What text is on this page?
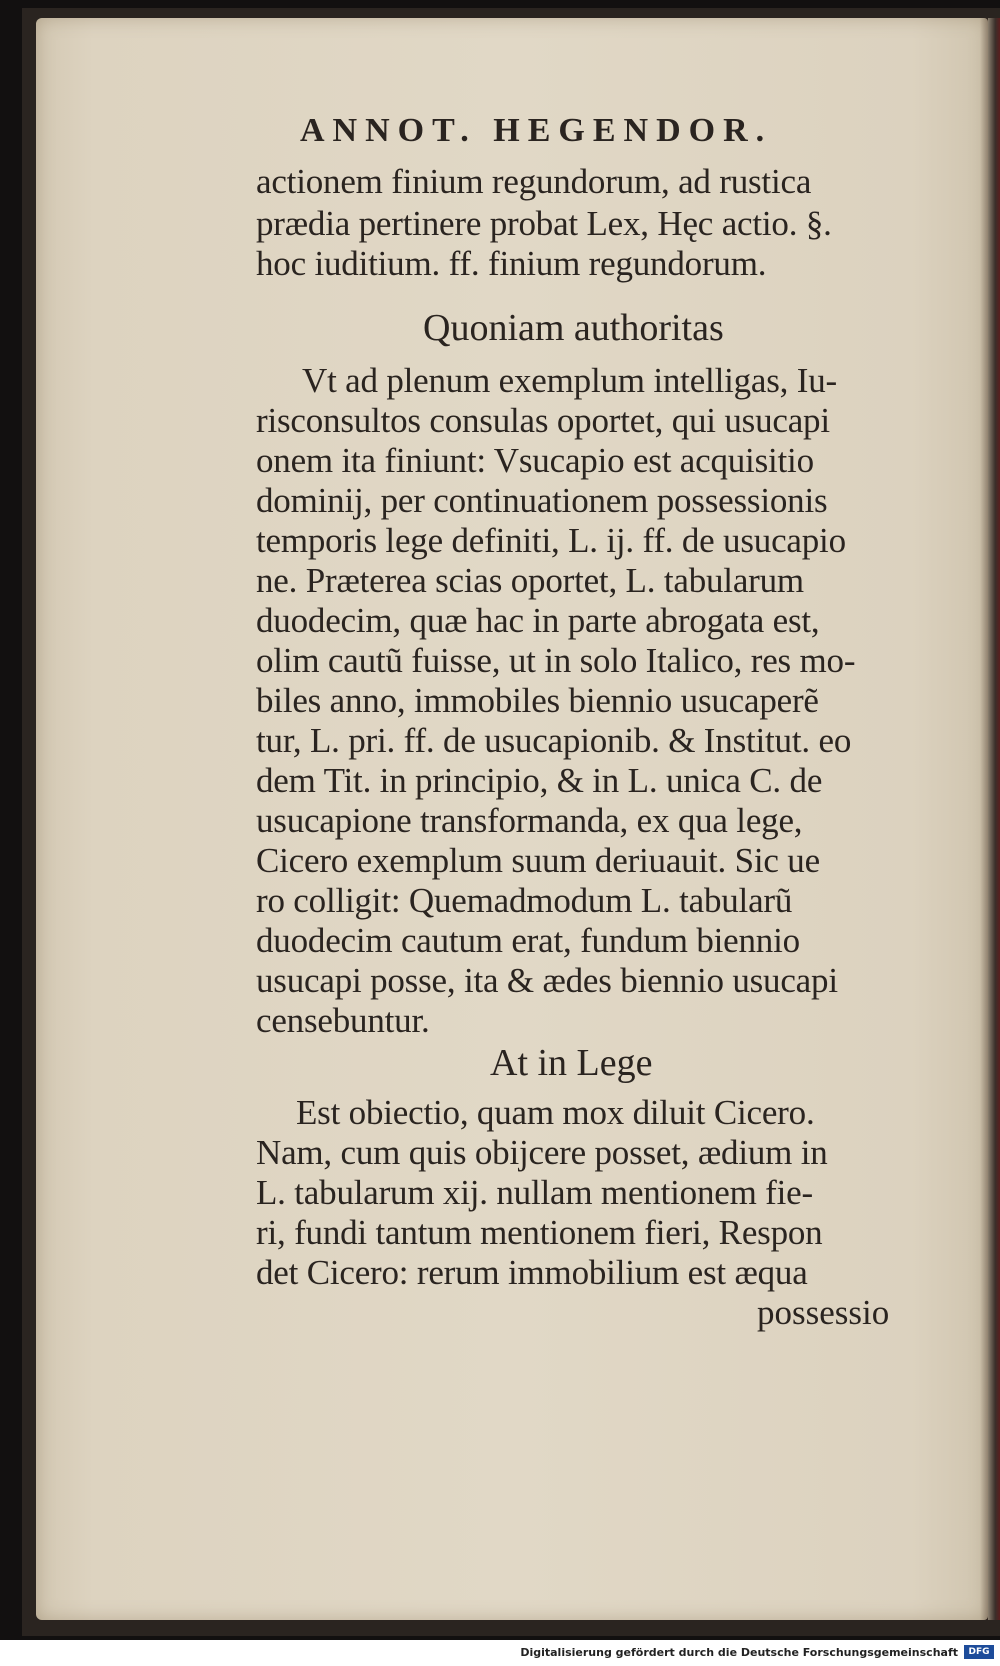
ANNOT. HEGENDOR.
actionem finium regundorum, ad rustica
prædia pertinere probat Lex, Hęc actio. §.
hoc iuditium. ff. finium regundorum.
Quoniam authoritas
Vt ad plenum exemplum intelligas, Iu-
risconsultos consulas oportet, qui usucapi
onem ita finiunt: Vsucapio est acquisitio
dominij, per continuationem possessionis
temporis lege definiti, L. ij. ff. de usucapio
ne. Præterea scias oportet, L. tabularum
duodecim, quæ hac in parte abrogata est,
olim cautũ fuisse, ut in solo Italico, res mo-
biles anno, immobiles biennio usucaperẽ
tur, L. pri. ff. de usucapionib. & Institut. eo
dem Tit. in principio, & in L. unica C. de
usucapione transformanda, ex qua lege,
Cicero exemplum suum deriuauit. Sic ue
ro colligit: Quemadmodum L. tabularũ
duodecim cautum erat, fundum biennio
usucapi posse, ita & ædes biennio usucapi
censebuntur.
At in Lege
Est obiectio, quam mox diluit Cicero.
Nam, cum quis obijcere posset, ædium in
L. tabularum xij. nullam mentionem fie-
ri, fundi tantum mentionem fieri, Respon
det Cicero: rerum immobilium est æqua
possessio
Digitalisierung gefördert durch die Deutsche Forschungsgemeinschaft	DFG
